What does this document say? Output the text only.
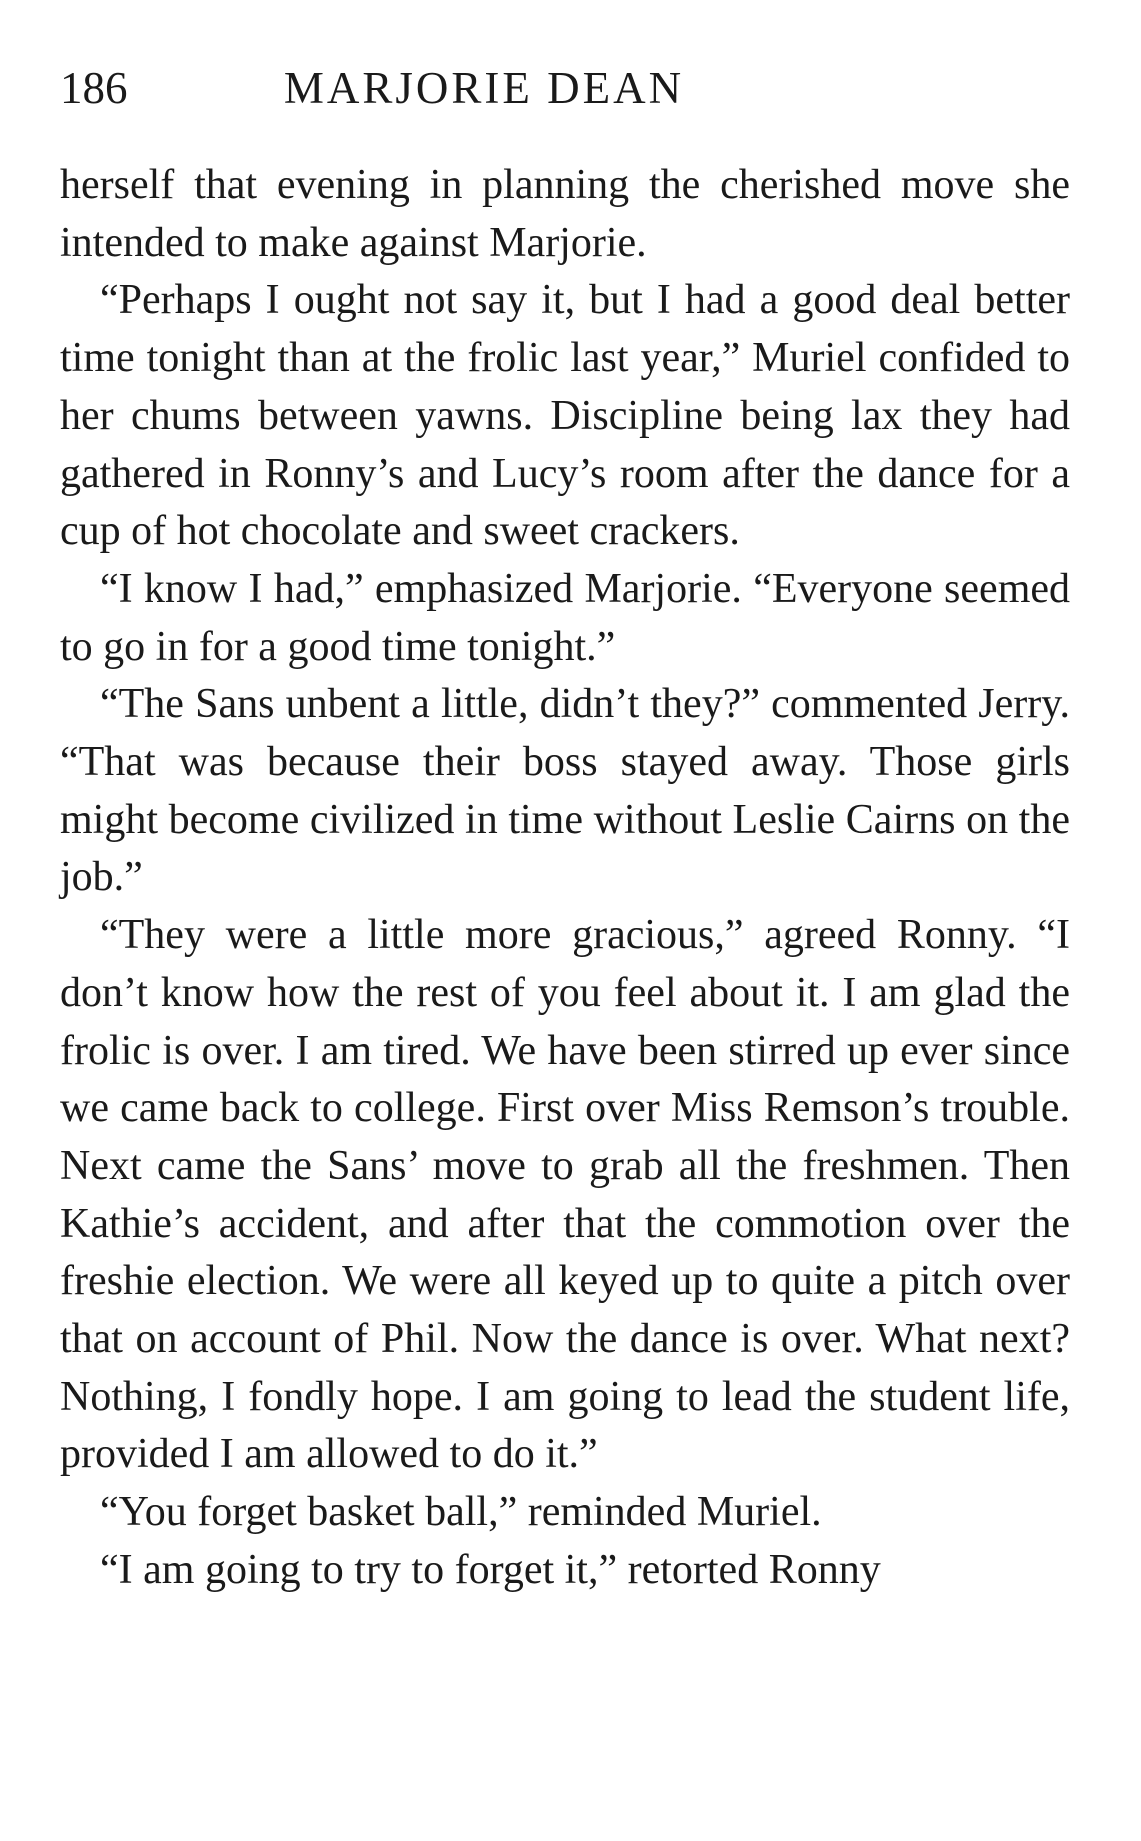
186	MARJORIE DEAN

herself that evening in planning the cherished move she intended to make against Marjorie.

“Perhaps I ought not say it, but I had a good deal better time tonight than at the frolic last year,” Muriel confided to her chums between yawns. Discipline being lax they had gathered in Ronny’s and Lucy’s room after the dance for a cup of hot chocolate and sweet crackers.

“I know I had,” emphasized Marjorie. “Everyone seemed to go in for a good time tonight.”

“The Sans unbent a little, didn’t they?” commented Jerry. “That was because their boss stayed away. Those girls might become civilized in time without Leslie Cairns on the job.”

“They were a little more gracious,” agreed Ronny. “I don’t know how the rest of you feel about it. I am glad the frolic is over. I am tired. We have been stirred up ever since we came back to college. First over Miss Remson’s trouble. Next came the Sans’ move to grab all the freshmen. Then Kathie’s accident, and after that the commotion over the freshie election. We were all keyed up to quite a pitch over that on account of Phil. Now the dance is over. What next? Nothing, I fondly hope. I am going to lead the student life, provided I am allowed to do it.”

“You forget basket ball,” reminded Muriel.

“I am going to try to forget it,” retorted Ronny
